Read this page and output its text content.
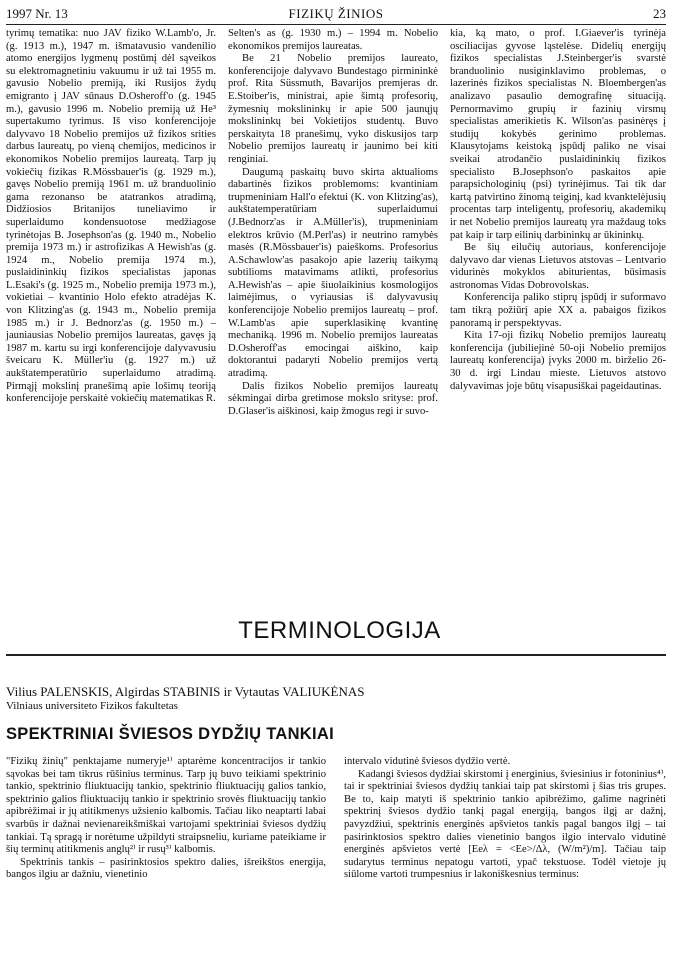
1997 Nr. 13	FIZIKŲ ŽINIOS	23

tyrimų tematika: nuo JAV fiziko W.Lamb'o, Jr. (g. 1913 m.), 1947 m. išmatavusio vandenilio atomo energijos lygmenų postūmį dėl sąveikos su elektromagnetiniu vakuumu ir už tai 1955 m. gavusio Nobelio premiją, iki Rusijos žydų emigranto į JAV sūnaus D.Osheroff'o (g. 1945 m.), gavusio 1996 m. Nobelio premiją už He³ supertakumo tyrimus. Iš viso konferencijoje dalyvavo 18 Nobelio premijos už fizikos srities darbus laureatų, po vieną chemijos, medicinos ir ekonomikos Nobelio premijos laureatą. Tarp jų vokiečių fizikas R.Mössbauer'is (g. 1929 m.), gavęs Nobelio premiją 1961 m. už branduolinio gama rezonanso be atatrankos atradimą, Didžiosios Britanijos tuneliavimo ir superlaidumo kondensuotose medžiagose tyrinėtojas B. Josephson'as (g. 1940 m., Nobelio premija 1973 m.) ir astrofizikas A Hewish'as (g. 1924 m., Nobelio premija 1974 m.), puslaidininkių fizikos specialistas japonas L.Esaki's (g. 1925 m., Nobelio premija 1973 m.), vokietiai – kvantinio Holo efekto atradėjas K. von Klitzing'as (g. 1943 m., Nobelio premija 1985 m.) ir J. Bednorz'as (g. 1950 m.) – jauniausias Nobelio premijos laureatas, gavęs ją 1987 m. kartu su irgi konferencijoje dalyvavusiu šveicaru K. Müller'iu (g. 1927 m.) už aukštatemperatūrio superlaidumo atradimą. Pirmąjį mokslinį pranešimą apie lošimų teoriją konferencijoje perskaitė vokiečių matematikas R.

Selten's as (g. 1930 m.) – 1994 m. Nobelio ekonomikos premijos laureatas.

Be 21 Nobelio premijos laureato, konferencijoje dalyvavo Bundestago pirmininkė prof. Rita Süssmuth, Bavarijos premjeras dr. E.Stoiber'is, ministrai, apie šimtą profesorių, žymesnių mokslininkų ir apie 500 jaunųjų mokslininkų bei Vokietijos studentų. Buvo perskaityta 18 pranešimų, vyko diskusijos tarp Nobelio premijos laureatų ir jaunimo bei kiti renginiai.

Daugumą paskaitų buvo skirta aktualioms dabartinės fizikos problemoms: kvantiniam trupmeniniam Hall'o efektui (K. von Klitzing'as), aukštatemperatūriam superlaidumui (J.Bednorz'as ir A.Müller'is), trupmeniniam elektros krūvio (M.Perl'as) ir neutrino ramybės masės (R.Mössbauer'is) paieškoms. Profesorius A.Schawlow'as pasakojo apie lazerių taikymą subtilioms matavimams atlikti, profesorius A.Hewish'as – apie šiuolaikinius kosmologijos laimėjimus, o vyriausias iš dalyvavusių konferencijoje Nobelio premijos laureatų – prof. W.Lamb'as apie superklasikinę kvantinę mechaniką. 1996 m. Nobelio premijos laureatas D.Osheroff'as emocingai aiškino, kaip doktorantui padaryti Nobelio premijos vertą atradimą.

Dalis fizikos Nobelio premijos laureatų sėkmingai dirba gretimose mokslo srityse: prof. D.Glaser'is aiškinosi, kaip žmogus regi ir suvo-

kia, ką mato, o prof. I.Giaever'is tyrinėja osciliacijas gyvose ląstelėse. Didelių energijų fizikos specialistas J.Steinberger'is svarstė branduolinio nusiginklavimo problemas, o lazerinės fizikos specialistas N. Bloembergen'as analizavo pasaulio demografinę situaciją. Pernormavimo grupių ir fazinių virsmų specialistas amerikietis K. Wilson'as pasinėręs į studijų kokybės gerinimo problemas. Klausytojams keistoką įspūdį paliko ne visai sveikai atrodančio puslaidininkių fizikos specialisto B.Josephson'o paskaitos apie parapsichologinių (psi) tyrinėjimus. Tai tik dar kartą patvirtino žinomą teiginį, kad kvanktelėjusių procentas tarp inteligentų, profesorių, akademikų ir net Nobelio premijos laureatų yra maždaug toks pat kaip ir tarp eilinių darbininkų ar ūkininkų.

Be šių eilučių autoriaus, konferencijoje dalyvavo dar vienas Lietuvos atstovas – Lentvario vidurinės mokyklos abiturientas, būsimasis astronomas Vidas Dobrovolskas.

Konferencija paliko stiprų įspūdį ir suformavo tam tikrą požiūrį apie XX a. pabaigos fizikos panoramą ir perspektyvas.

Kita 17-oji fizikų Nobelio premijos laureatų konferencija (jubiliejinė 50-oji Nobelio premijos laureatų konferencija) įvyks 2000 m. birželio 26-30 d. irgi Lindau mieste. Lietuvos atstovo dalyvavimas joje būtų visapusiškai pageidautinas.

TERMINOLOGIJA
Vilius PALENSKIS, Algirdas STABINIS ir Vytautas VALIUKĖNAS
Vilniaus universiteto Fizikos fakultetas
SPEKTRINIAI ŠVIESOS DYDŽIŲ TANKIAI

"Fizikų žinių" penktajame numeryje¹⁾ aptarėme koncentracijos ir tankio sąvokas bei tam tikrus rūšinius terminus. Tarp jų buvo teikiami spektrinio tankio, spektrinio fliuktuacijų tankio, spektrinio fliuktuacijų galios tankio, spektrinio galios fliuktuacijų tankio ir spektrinio srovės fliuktuacijų tankio apibrėžimai ir jų atitikmenys užsienio kalbomis. Tačiau liko neaptarti labai svarbūs ir dažnai nevienareikšmiškai vartojami spektriniai šviesos dydžių tankiai. Tą spragą ir norėtume užpildyti straipsneliu, kuriame pateikiame ir šių terminų atitikmenis anglų²⁾ ir rusų³⁾ kalbomis.

Spektrinis tankis – pasirinktosios spektro dalies, išreikštos energija, bangos ilgiu ar dažniu, vienetinio

intervalo vidutinė šviesos dydžio vertė.

Kadangi šviesos dydžiai skirstomi į energinius, šviesinius ir fotoninius⁴⁾, tai ir spektriniai šviesos dydžių tankiai taip pat skirstomi į šias tris grupes. Be to, kaip matyti iš spektrinio tankio apibrėžimo, galime nagrinėti spektrinį šviesos dydžio tankį pagal energiją, bangos ilgį ar dažnį, pavyzdžiui, spektrinis energinės apšvietos tankis pagal bangos ilgį – tai pasirinktosios spektro dalies vienetinio bangos ilgio intervalo vidutinė energinės apšvietos vertė [Eeλ = <Ee>/Δλ, (W/m²)/m]. Tačiau taip sudarytus terminus nepatogu vartoti, ypač tekstuose. Todėl vietoje jų siūlome vartoti trumpesnius ir lakoniškesnius terminus:
